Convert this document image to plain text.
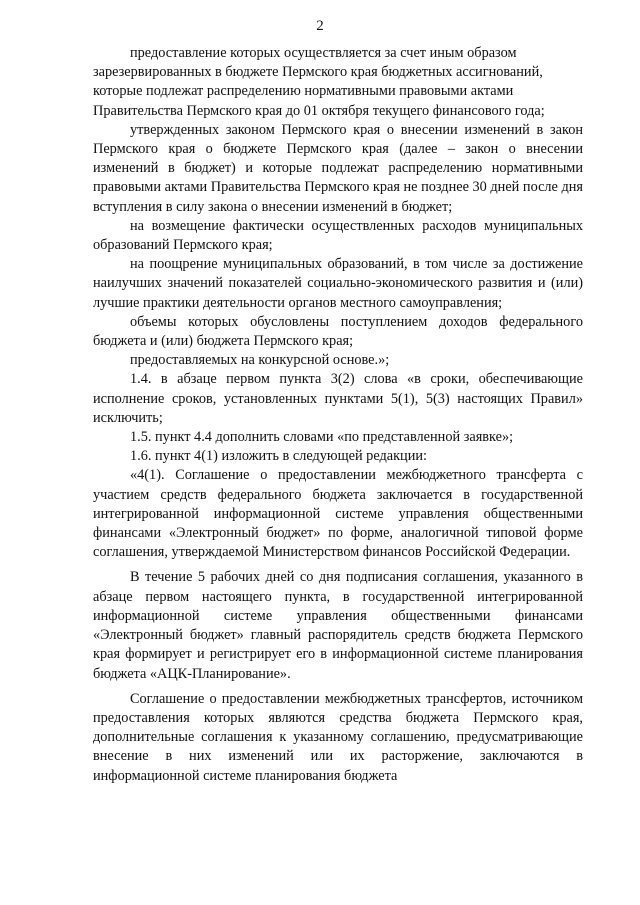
2

предоставление которых осуществляется за счет иным образом зарезервированных в бюджете Пермского края бюджетных ассигнований, которые подлежат распределению нормативными правовыми актами Правительства Пермского края до 01 октября текущего финансового года;

утвержденных законом Пермского края о внесении изменений в закон Пермского края о бюджете Пермского края (далее – закон о внесении изменений в бюджет) и которые подлежат распределению нормативными правовыми актами Правительства Пермского края не позднее 30 дней после дня вступления в силу закона о внесении изменений в бюджет;

на возмещение фактически осуществленных расходов муниципальных образований Пермского края;

на поощрение муниципальных образований, в том числе за достижение наилучших значений показателей социально-экономического развития и (или) лучшие практики деятельности органов местного самоуправления;

объемы которых обусловлены поступлением доходов федерального бюджета и (или) бюджета Пермского края;

предоставляемых на конкурсной основе.»;

1.4. в абзаце первом пункта 3(2) слова «в сроки, обеспечивающие исполнение сроков, установленных пунктами 5(1), 5(3) настоящих Правил» исключить;

1.5. пункт 4.4 дополнить словами «по представленной заявке»;

1.6. пункт 4(1) изложить в следующей редакции:

«4(1). Соглашение о предоставлении межбюджетного трансферта с участием средств федерального бюджета заключается в государственной интегрированной информационной системе управления общественными финансами «Электронный бюджет» по форме, аналогичной типовой форме соглашения, утверждаемой Министерством финансов Российской Федерации.

В течение 5 рабочих дней со дня подписания соглашения, указанного в абзаце первом настоящего пункта, в государственной интегрированной информационной системе управления общественными финансами «Электронный бюджет» главный распорядитель средств бюджета Пермского края формирует и регистрирует его в информационной системе планирования бюджета «АЦК-Планирование».

Соглашение о предоставлении межбюджетных трансфертов, источником предоставления которых являются средства бюджета Пермского края, дополнительные соглашения к указанному соглашению, предусматривающие внесение в них изменений или их расторжение, заключаются в информационной системе планирования бюджета
